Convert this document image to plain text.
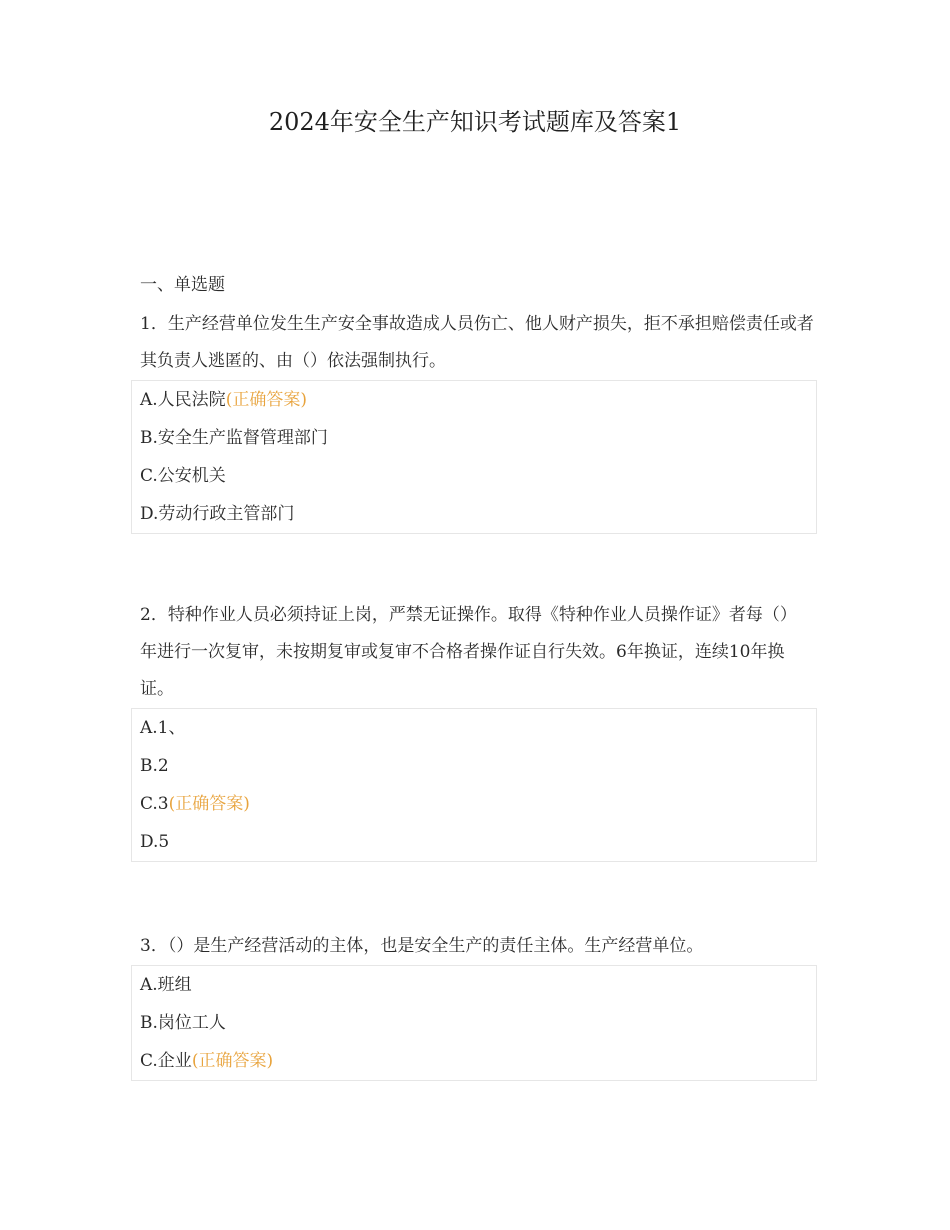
2024年安全生产知识考试题库及答案1
一、单选题

1．生产经营单位发生生产安全事故造成人员伤亡、他人财产损失，拒不承担赔偿责任或者其负责人逃匿的、由（）依法强制执行。

A.人民法院(正确答案)
B.安全生产监督管理部门
C.公安机关
D.劳动行政主管部门

2．特种作业人员必须持证上岗，严禁无证操作。取得《特种作业人员操作证》者每（） 年进行一次复审，未按期复审或复审不合格者操作证自行失效。6年换证，连续10年换证。

A.1、
B.2
C.3(正确答案)
D.5

3．（）是生产经营活动的主体，也是安全生产的责任主体。生产经营单位。

A.班组
B.岗位工人
C.企业(正确答案)
